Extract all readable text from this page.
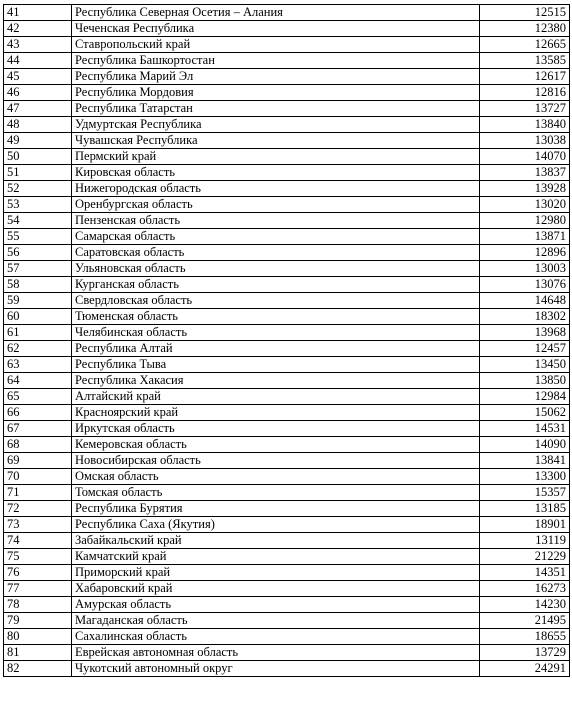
41	Республика Северная Осетия – Алания	12515
42	Чеченская Республика	12380
43	Ставропольский край	12665
44	Республика Башкортостан	13585
45	Республика Марий Эл	12617
46	Республика Мордовия	12816
47	Республика Татарстан	13727
48	Удмуртская Республика	13840
49	Чувашская Республика	13038
50	Пермский край	14070
51	Кировская область	13837
52	Нижегородская область	13928
53	Оренбургская область	13020
54	Пензенская область	12980
55	Самарская область	13871
56	Саратовская область	12896
57	Ульяновская область	13003
58	Курганская область	13076
59	Свердловская область	14648
60	Тюменская область	18302
61	Челябинская область	13968
62	Республика Алтай	12457
63	Республика Тыва	13450
64	Республика Хакасия	13850
65	Алтайский край	12984
66	Красноярский край	15062
67	Иркутская область	14531
68	Кемеровская область	14090
69	Новосибирская область	13841
70	Омская область	13300
71	Томская область	15357
72	Республика Бурятия	13185
73	Республика Саха (Якутия)	18901
74	Забайкальский край	13119
75	Камчатский край	21229
76	Приморский край	14351
77	Хабаровский край	16273
78	Амурская область	14230
79	Магаданская область	21495
80	Сахалинская область	18655
81	Еврейская автономная область	13729
82	Чукотский автономный округ	24291
